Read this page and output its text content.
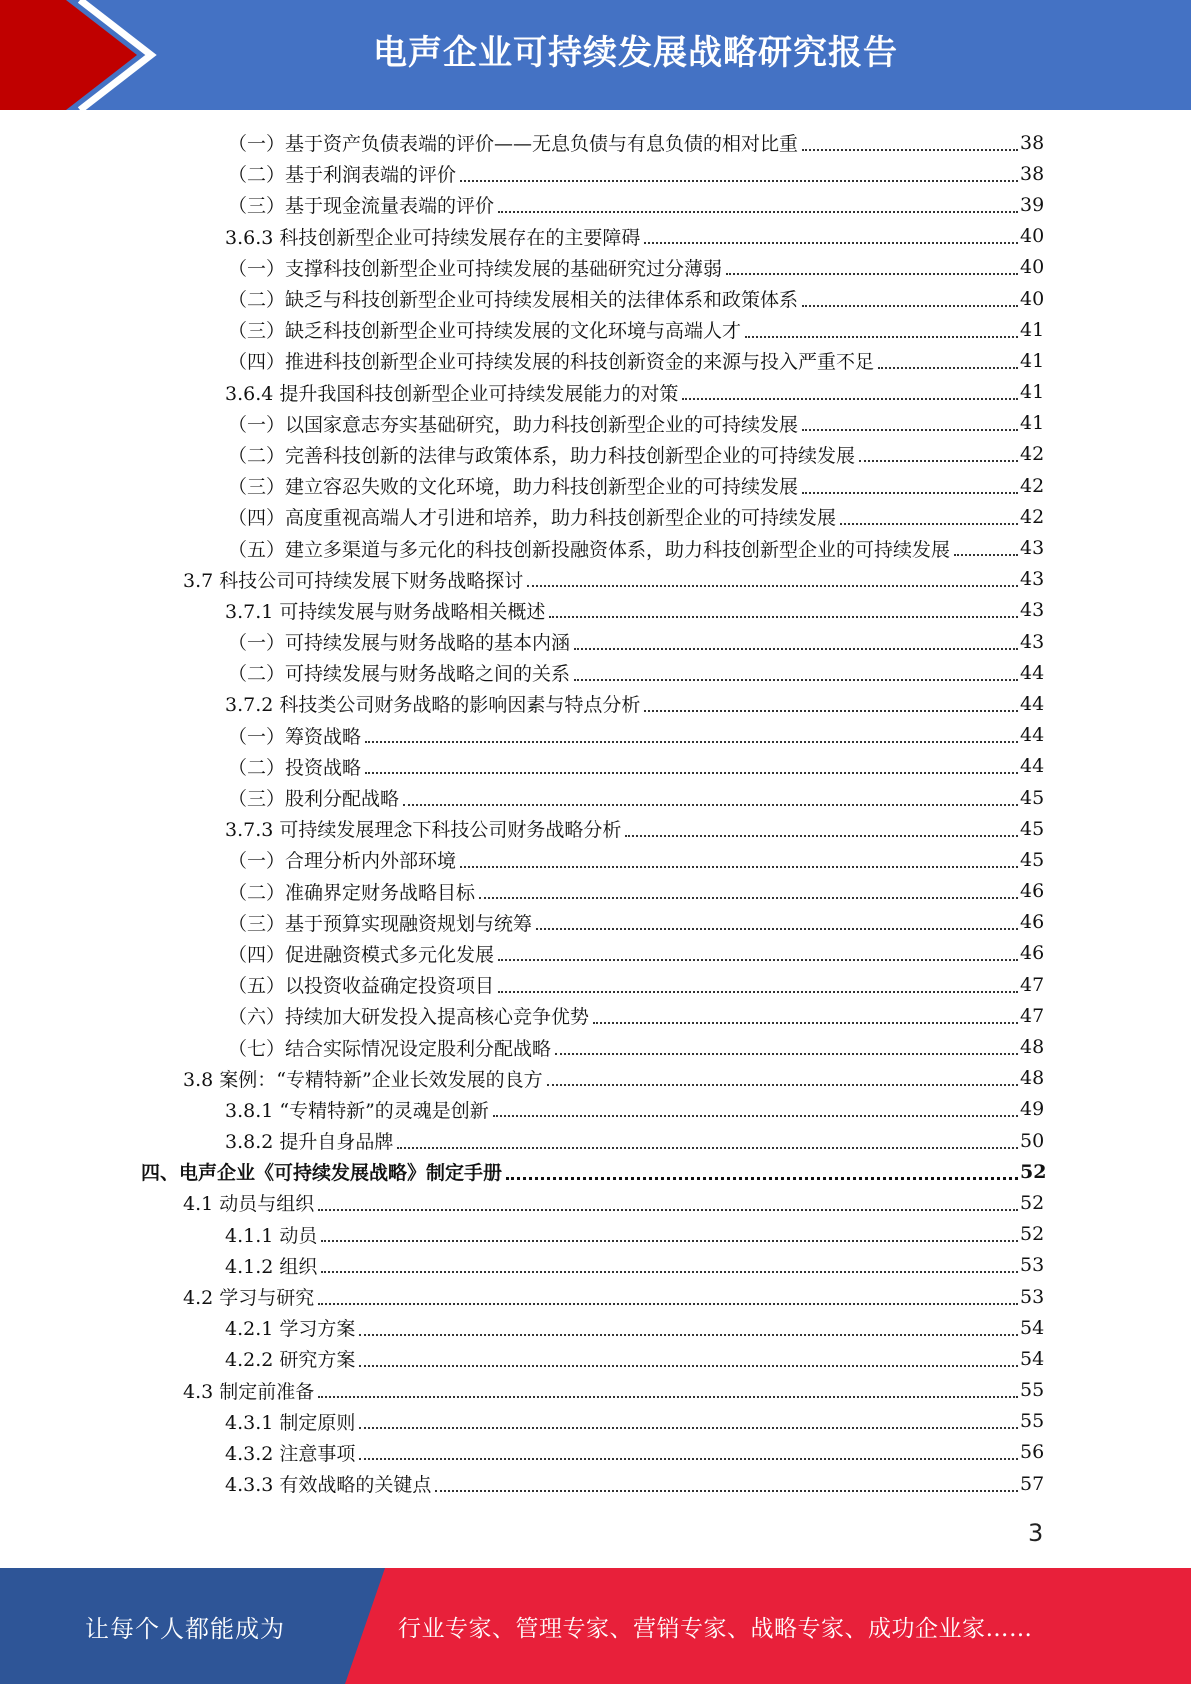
电声企业可持续发展战略研究报告
（一）基于资产负债表端的评价——无息负债与有息负债的相对比重	38
（二）基于利润表端的评价	38
（三）基于现金流量表端的评价	39
3.6.3 科技创新型企业可持续发展存在的主要障碍	40
（一）支撑科技创新型企业可持续发展的基础研究过分薄弱	40
（二）缺乏与科技创新型企业可持续发展相关的法律体系和政策体系	40
（三）缺乏科技创新型企业可持续发展的文化环境与高端人才	41
（四）推进科技创新型企业可持续发展的科技创新资金的来源与投入严重不足	41
3.6.4 提升我国科技创新型企业可持续发展能力的对策	41
（一）以国家意志夯实基础研究，助力科技创新型企业的可持续发展	41
（二）完善科技创新的法律与政策体系，助力科技创新型企业的可持续发展	42
（三）建立容忍失败的文化环境，助力科技创新型企业的可持续发展	42
（四）高度重视高端人才引进和培养，助力科技创新型企业的可持续发展	42
（五）建立多渠道与多元化的科技创新投融资体系，助力科技创新型企业的可持续发展	43
3.7 科技公司可持续发展下财务战略探讨	43
3.7.1 可持续发展与财务战略相关概述	43
（一）可持续发展与财务战略的基本内涵	43
（二）可持续发展与财务战略之间的关系	44
3.7.2 科技类公司财务战略的影响因素与特点分析	44
（一）筹资战略	44
（二）投资战略	44
（三）股利分配战略	45
3.7.3 可持续发展理念下科技公司财务战略分析	45
（一）合理分析内外部环境	45
（二）准确界定财务战略目标	46
（三）基于预算实现融资规划与统筹	46
（四）促进融资模式多元化发展	46
（五）以投资收益确定投资项目	47
（六）持续加大研发投入提高核心竞争优势	47
（七）结合实际情况设定股利分配战略	48
3.8 案例：“专精特新”企业长效发展的良方	48
3.8.1 “专精特新”的灵魂是创新	49
3.8.2 提升自身品牌	50
四、电声企业《可持续发展战略》制定手册	52
4.1 动员与组织	52
4.1.1 动员	52
4.1.2 组织	53
4.2 学习与研究	53
4.2.1 学习方案	54
4.2.2 研究方案	54
4.3 制定前准备	55
4.3.1 制定原则	55
4.3.2 注意事项	56
4.3.3 有效战略的关键点	57
3
让每个人都能成为	行业专家、管理专家、营销专家、战略专家、成功企业家……
